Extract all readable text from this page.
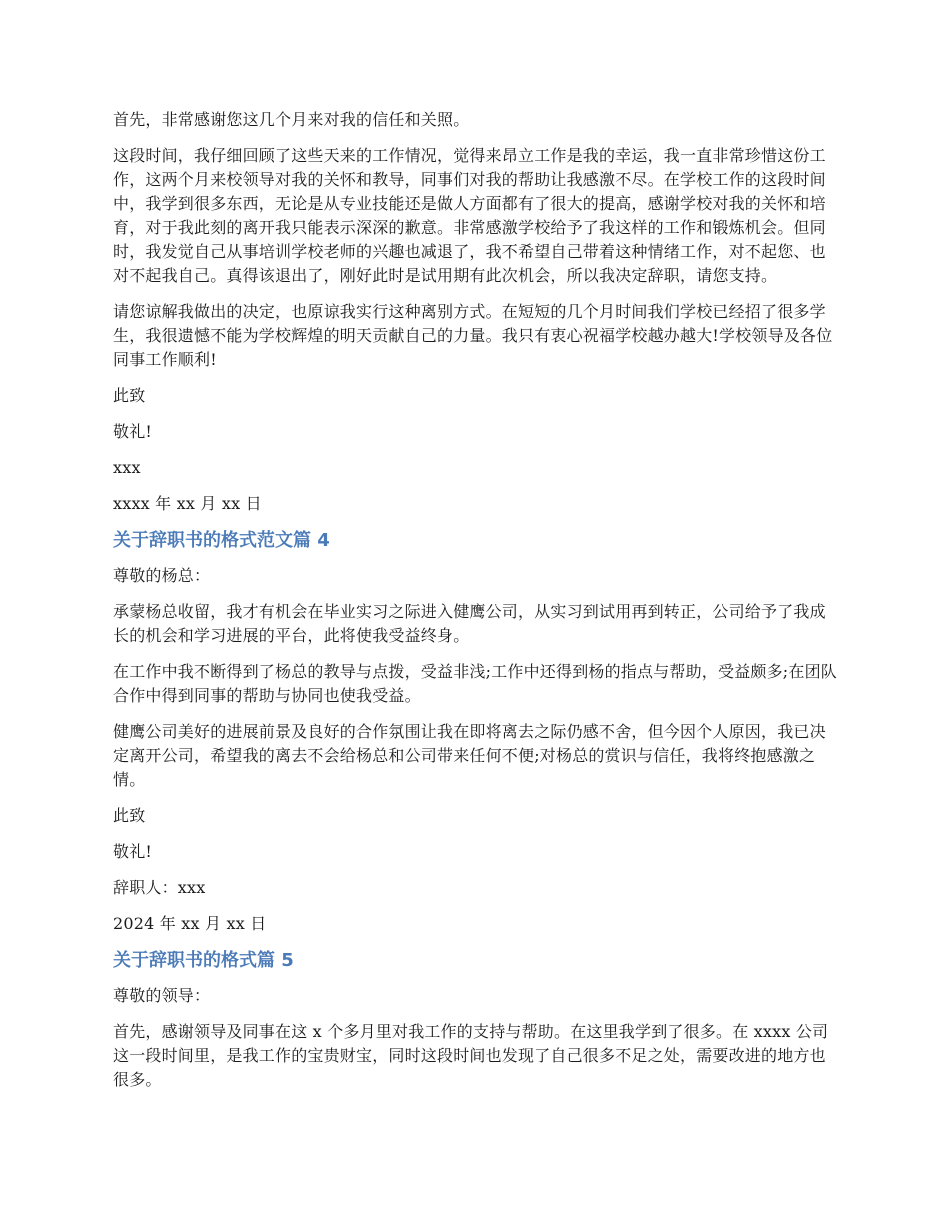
首先，非常感谢您这几个月来对我的信任和关照。

这段时间，我仔细回顾了这些天来的工作情况，觉得来昂立工作是我的幸运，我一直非常珍惜这份工作，这两个月来校领导对我的关怀和教导，同事们对我的帮助让我感激不尽。在学校工作的这段时间中，我学到很多东西，无论是从专业技能还是做人方面都有了很大的提高，感谢学校对我的关怀和培育，对于我此刻的离开我只能表示深深的歉意。非常感激学校给予了我这样的工作和锻炼机会。但同时，我发觉自己从事培训学校老师的兴趣也减退了，我不希望自己带着这种情绪工作，对不起您、也对不起我自己。真得该退出了，刚好此时是试用期有此次机会，所以我决定辞职，请您支持。

请您谅解我做出的决定，也原谅我实行这种离别方式。在短短的几个月时间我们学校已经招了很多学生，我很遗憾不能为学校辉煌的明天贡献自己的力量。我只有衷心祝福学校越办越大!学校领导及各位同事工作顺利!

此致

敬礼!

xxx

xxxx 年 xx 月 xx 日

关于辞职书的格式范文篇 4

尊敬的杨总：

承蒙杨总收留，我才有机会在毕业实习之际进入健鹰公司，从实习到试用再到转正，公司给予了我成长的机会和学习进展的平台，此将使我受益终身。

在工作中我不断得到了杨总的教导与点拨，受益非浅;工作中还得到杨的指点与帮助，受益颇多;在团队合作中得到同事的帮助与协同也使我受益。

健鹰公司美好的进展前景及良好的合作氛围让我在即将离去之际仍感不舍，但今因个人原因，我已决定离开公司，希望我的离去不会给杨总和公司带来任何不便;对杨总的赏识与信任，我将终抱感激之情。

此致

敬礼!

辞职人：xxx

2024 年 xx 月 xx 日

关于辞职书的格式篇 5

尊敬的领导：

首先，感谢领导及同事在这 x 个多月里对我工作的支持与帮助。在这里我学到了很多。在 xxxx 公司这一段时间里，是我工作的宝贵财宝，同时这段时间也发现了自己很多不足之处，需要改进的地方也很多。
